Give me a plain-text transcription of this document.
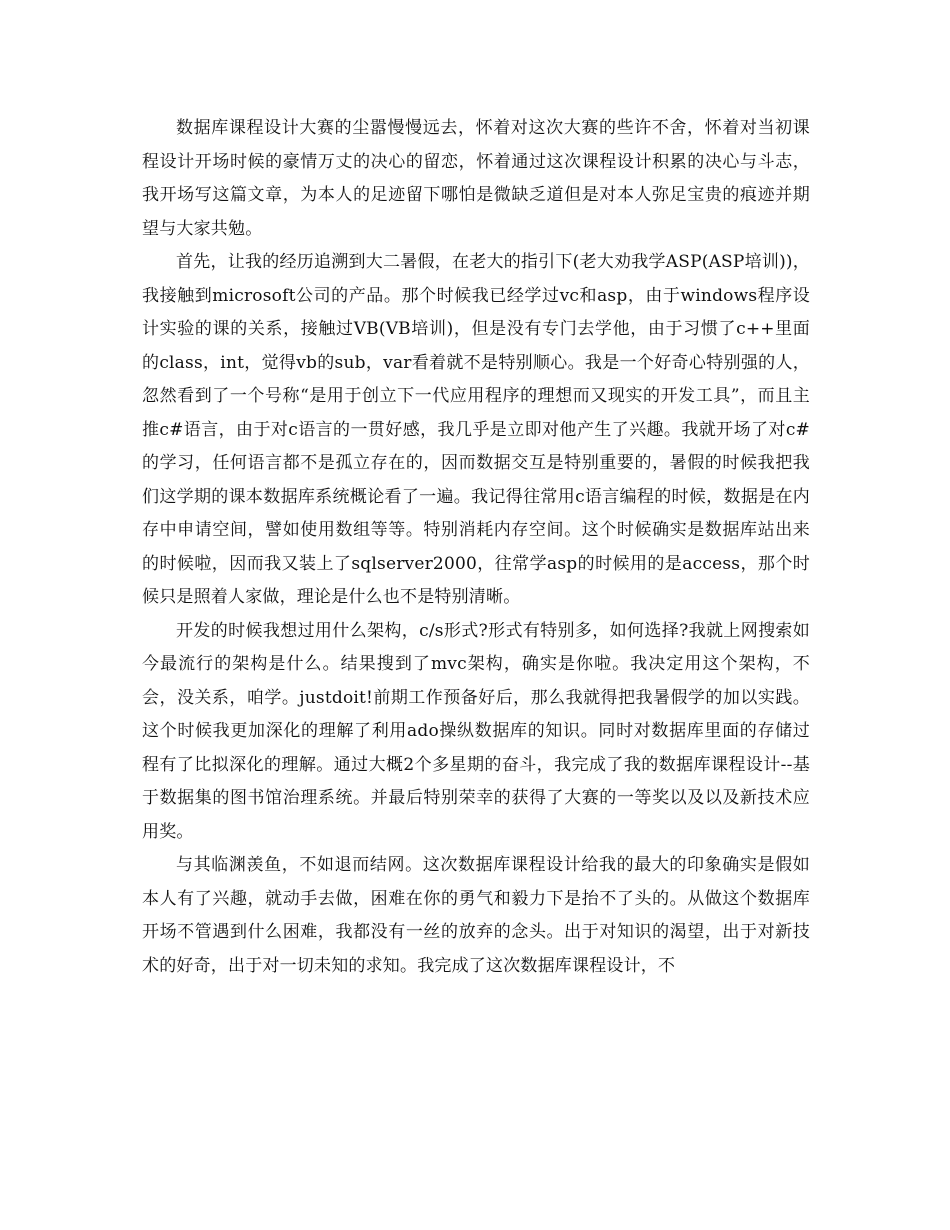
数据库课程设计大赛的尘嚣慢慢远去，怀着对这次大赛的些许不舍，怀着对当初课程设计开场时候的豪情万丈的决心的留恋，怀着通过这次课程设计积累的决心与斗志，我开场写这篇文章，为本人的足迹留下哪怕是微缺乏道但是对本人弥足宝贵的痕迹并期望与大家共勉。

首先，让我的经历追溯到大二暑假，在老大的指引下(老大劝我学ASP(ASP培训))，我接触到microsoft公司的产品。那个时候我已经学过vc和asp，由于windows程序设计实验的课的关系，接触过VB(VB培训)，但是没有专门去学他，由于习惯了c++里面的class，int，觉得vb的sub，var看着就不是特别顺心。我是一个好奇心特别强的人，忽然看到了一个号称“是用于创立下一代应用程序的理想而又现实的开发工具”，而且主推c#语言，由于对c语言的一贯好感，我几乎是立即对他产生了兴趣。我就开场了对c#的学习，任何语言都不是孤立存在的，因而数据交互是特别重要的，暑假的时候我把我们这学期的课本数据库系统概论看了一遍。我记得往常用c语言编程的时候，数据是在内存中申请空间，譬如使用数组等等。特别消耗内存空间。这个时候确实是数据库站出来的时候啦，因而我又装上了sqlserver2000，往常学asp的时候用的是access，那个时候只是照着人家做，理论是什么也不是特别清晰。

开发的时候我想过用什么架构，c/s形式?形式有特别多，如何选择?我就上网搜索如今最流行的架构是什么。结果搜到了mvc架构，确实是你啦。我决定用这个架构，不会，没关系，咱学。justdoit!前期工作预备好后，那么我就得把我暑假学的加以实践。这个时候我更加深化的理解了利用ado操纵数据库的知识。同时对数据库里面的存储过程有了比拟深化的理解。通过大概2个多星期的奋斗，我完成了我的数据库课程设计--基于数据集的图书馆治理系统。并最后特别荣幸的获得了大赛的一等奖以及以及新技术应用奖。

与其临渊羡鱼，不如退而结网。这次数据库课程设计给我的最大的印象确实是假如本人有了兴趣，就动手去做，困难在你的勇气和毅力下是抬不了头的。从做这个数据库开场不管遇到什么困难，我都没有一丝的放弃的念头。出于对知识的渴望，出于对新技术的好奇，出于对一切未知的求知。我完成了这次数据库课程设计，不
